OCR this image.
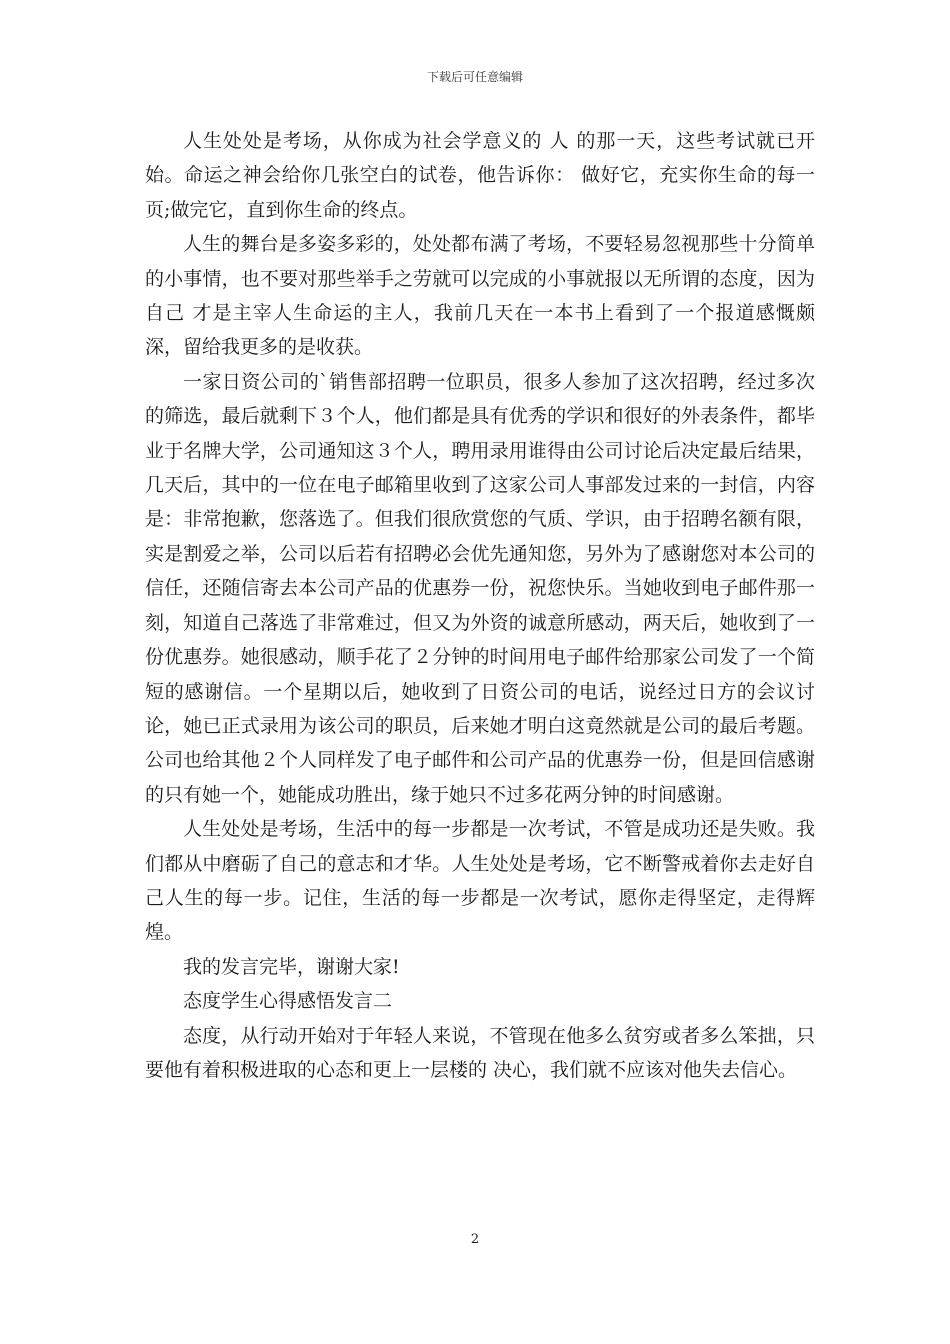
下载后可任意编辑

人生处处是考场，从你成为社会学意义的 人 的那一天，这些考试就已开始。命运之神会给你几张空白的试卷，他告诉你： 做好它，充实你生命的每一页;做完它，直到你生命的终点。

人生的舞台是多姿多彩的，处处都布满了考场，不要轻易忽视那些十分简单的小事情，也不要对那些举手之劳就可以完成的小事就报以无所谓的态度，因为 自己 才是主宰人生命运的主人，我前几天在一本书上看到了一个报道感慨颇深，留给我更多的是收获。

一家日资公司的`销售部招聘一位职员，很多人参加了这次招聘，经过多次的筛选，最后就剩下３个人，他们都是具有优秀的学识和很好的外表条件，都毕业于名牌大学，公司通知这３个人，聘用录用谁得由公司讨论后决定最后结果，几天后，其中的一位在电子邮箱里收到了这家公司人事部发过来的一封信，内容是：非常抱歉，您落选了。但我们很欣赏您的气质、学识，由于招聘名额有限，实是割爱之举，公司以后若有招聘必会优先通知您，另外为了感谢您对本公司的信任，还随信寄去本公司产品的优惠券一份，祝您快乐。当她收到电子邮件那一刻，知道自己落选了非常难过，但又为外资的诚意所感动，两天后，她收到了一份优惠券。她很感动，顺手花了２分钟的时间用电子邮件给那家公司发了一个简短的感谢信。一个星期以后，她收到了日资公司的电话，说经过日方的会议讨论，她已正式录用为该公司的职员，后来她才明白这竟然就是公司的最后考题。公司也给其他２个人同样发了电子邮件和公司产品的优惠券一份，但是回信感谢的只有她一个，她能成功胜出，缘于她只不过多花两分钟的时间感谢。

人生处处是考场，生活中的每一步都是一次考试，不管是成功还是失败。我们都从中磨砺了自己的意志和才华。人生处处是考场，它不断警戒着你去走好自己人生的每一步。记住，生活的每一步都是一次考试，愿你走得坚定，走得辉煌。

我的发言完毕，谢谢大家!

态度学生心得感悟发言二

态度，从行动开始对于年轻人来说，不管现在他多么贫穷或者多么笨拙，只要他有着积极进取的心态和更上一层楼的 决心，我们就不应该对他失去信心。

2
